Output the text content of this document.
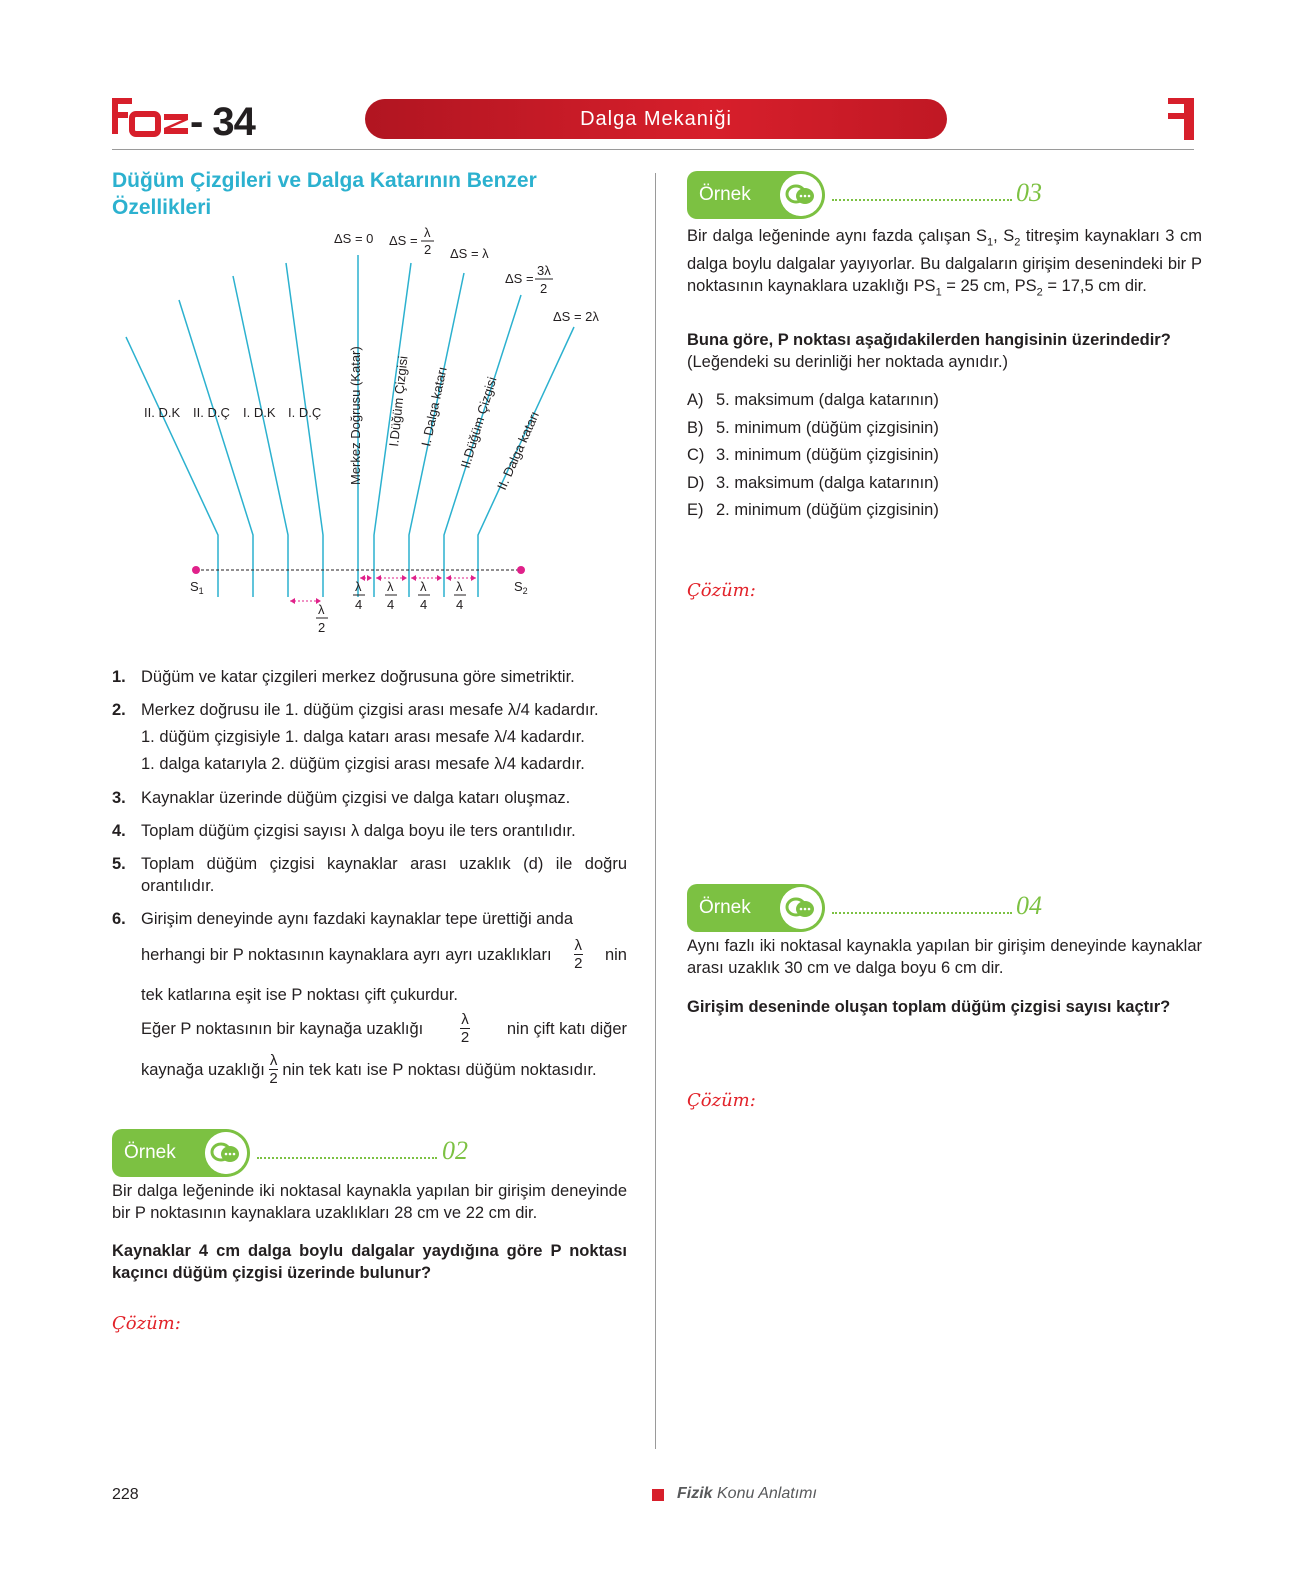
- 34	Dalga Mekaniği
Düğüm Çizgileri ve Dalga Katarının Benzer Özellikleri
$S_1$	$S_2$
λ
4
λ
4
λ
4
λ
4
λ
2
ΔS = 0 ΔS =
λ
2 ΔS = λ
ΔS =
3λ
2
ΔS = 2λ
II. D.K II. D.Ç I. D.K I. D.Ç Merkez Doğrusu (Katar) I.Düğüm Çizgisi I. Dalga katarı II.Düğüm Çizgisi
II. Dalga katarı
1. Düğüm ve katar çizgileri merkez doğrusuna göre simetriktir.
2. Merkez doğrusu ile 1. düğüm çizgisi arası mesafe λ/4 kadardır.
1. düğüm çizgisiyle 1. dalga katarı arası mesafe λ/4 kadardır.
1. dalga katarıyla 2. düğüm çizgisi arası mesafe λ/4 kadardır.
3. Kaynaklar üzerinde düğüm çizgisi ve dalga katarı oluşmaz.
4. Toplam düğüm çizgisi sayısı λ dalga boyu ile ters orantılıdır.
5. Toplam düğüm çizgisi kaynaklar arası uzaklık (d) ile doğru orantılıdır.
6. Girişim deneyinde aynı fazdaki kaynaklar tepe ürettiği anda
herhangi bir P noktasının kaynaklara ayrı ayrı uzaklıkları $\frac{\lambda}{2}$ nin
tek katlarına eşit ise P noktası çift çukurdur.
Eğer P noktasının bir kaynağa uzaklığı $\frac{\lambda}{2}$ nin çift katı diğer
kaynağa uzaklığı $\frac{\lambda}{2}$ nin tek katı ise P noktası düğüm noktasıdır.
Örnek	02
Bir dalga leğeninde iki noktasal kaynakla yapılan bir girişim deneyinde bir P noktasının kaynaklara uzaklıkları 28 cm ve 22 cm dir.
Kaynaklar 4 cm dalga boylu dalgalar yaydığına göre P noktası kaçıncı düğüm çizgisi üzerinde bulunur?
Çözüm:
Örnek	03
Bir dalga leğeninde aynı fazda çalışan $S_1$, $S_2$ titreşim kaynakları 3 cm dalga boylu dalgalar yayıyorlar. Bu dalgaların girişim desenindeki bir P noktasının kaynaklara uzaklığı $PS_1 = 25$ cm, $PS_2 = 17,5$ cm dir.
Buna göre, P noktası aşağıdakilerden hangisinin üzerindedir?
(Leğendeki su derinliği her noktada aynıdır.)
A) 5. maksimum (dalga katarının)
B) 5. minimum (düğüm çizgisinin)
C) 3. minimum (düğüm çizgisinin)
D) 3. maksimum (dalga katarının)
E) 2. minimum (düğüm çizgisinin)
Çözüm:
Örnek	04
Aynı fazlı iki noktasal kaynakla yapılan bir girişim deneyinde kaynaklar arası uzaklık 30 cm ve dalga boyu 6 cm dir.
Girişim deseninde oluşan toplam düğüm çizgisi sayısı kaçtır?
Çözüm:
228	Fizik Konu Anlatımı
